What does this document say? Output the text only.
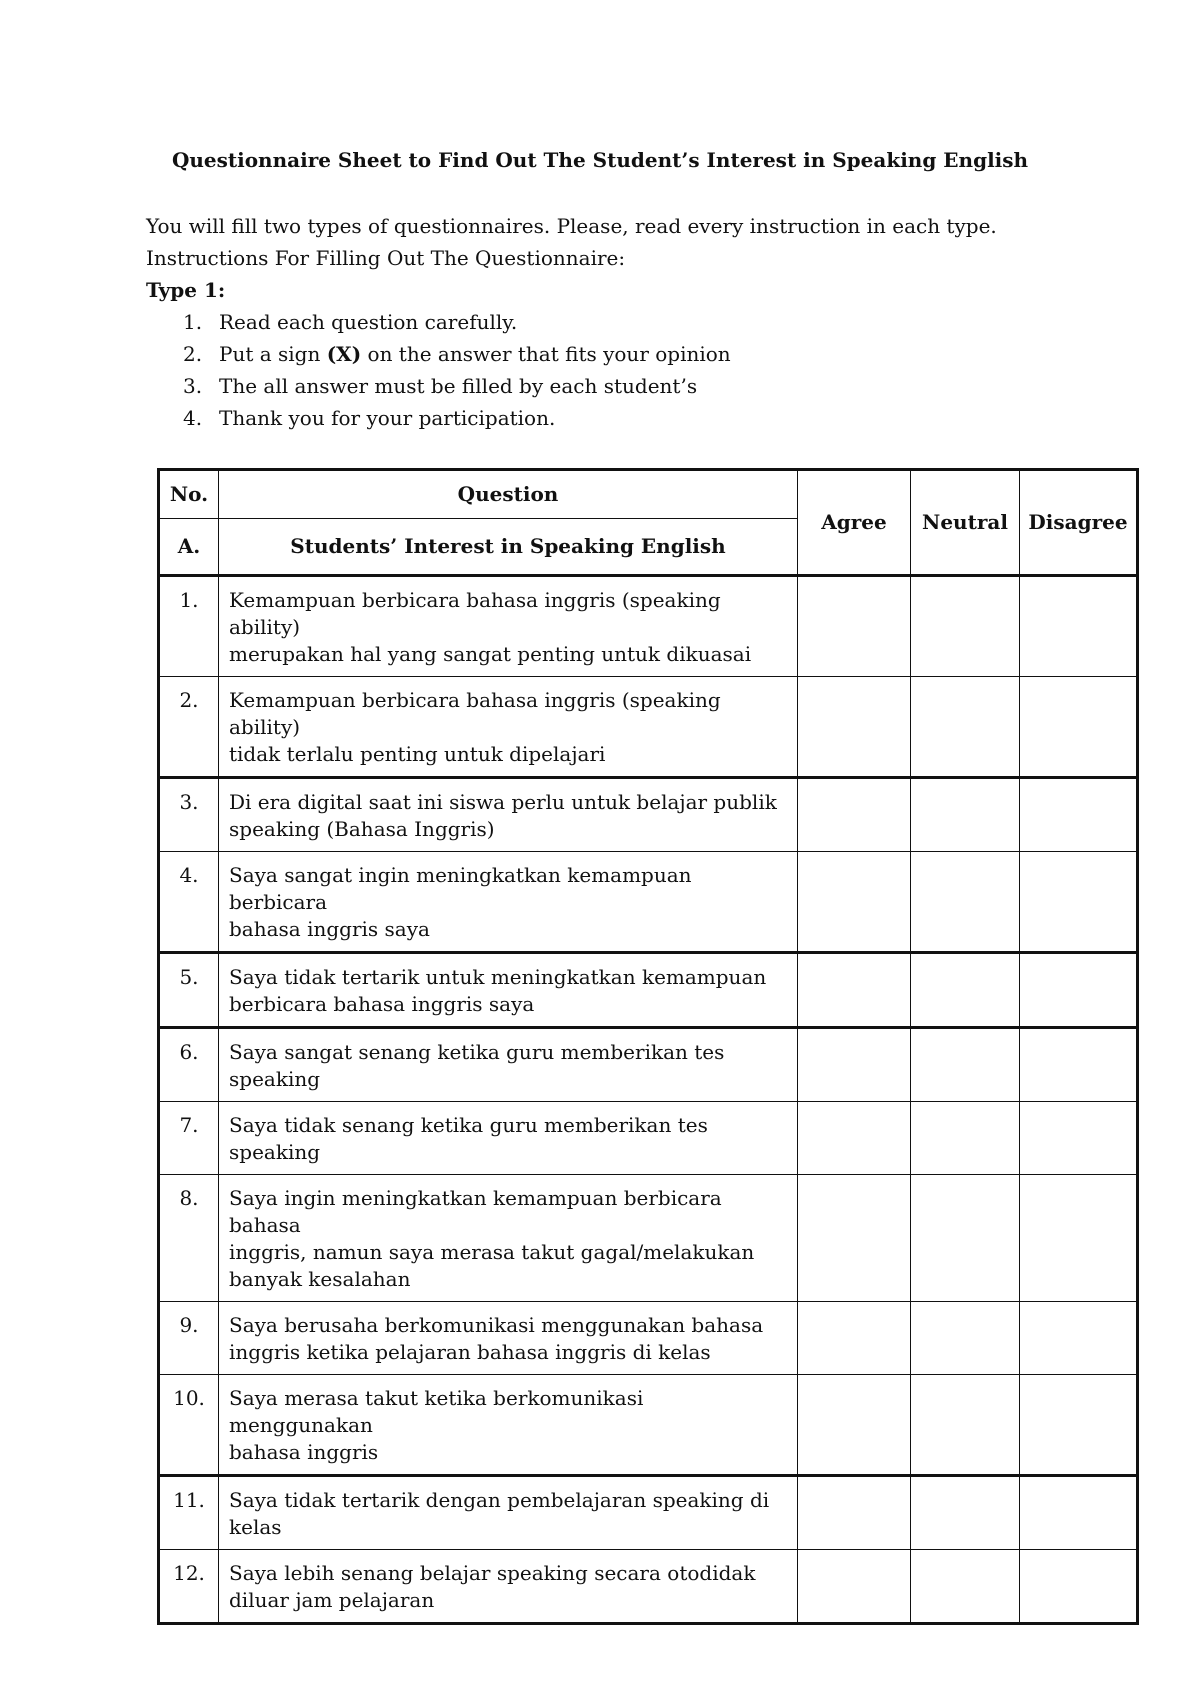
Questionnaire Sheet to Find Out The Student’s Interest in Speaking English
You will fill two types of questionnaires. Please, read every instruction in each type.
Instructions For Filling Out The Questionnaire:
Type 1:
1. Read each question carefully.
2. Put a sign (X) on the answer that fits your opinion
3. The all answer must be filled by each student’s
4. Thank you for your participation.
No.	Question	Agree	Neutral	Disagree
A.	Students’ Interest in Speaking English			
1.	Kemampuan berbicara bahasa inggris (speaking ability)
merupakan hal yang sangat penting untuk dikuasai			

2.	Kemampuan berbicara bahasa inggris (speaking ability)
tidak terlalu penting untuk dipelajari			

3.	Di era digital saat ini siswa perlu untuk belajar publik
speaking (Bahasa Inggris)			

4.	Saya sangat ingin meningkatkan kemampuan berbicara
bahasa inggris saya			

5.	Saya tidak tertarik untuk meningkatkan kemampuan
berbicara bahasa inggris saya			

6.	Saya sangat senang ketika guru memberikan tes
speaking			

7.	Saya tidak senang ketika guru memberikan tes speaking			

8.	Saya ingin meningkatkan kemampuan berbicara bahasa
inggris, namun saya merasa takut gagal/melakukan
banyak kesalahan			

9.	Saya berusaha berkomunikasi menggunakan bahasa
inggris ketika pelajaran bahasa inggris di kelas			

10.	Saya merasa takut ketika berkomunikasi menggunakan
bahasa inggris			

11.	Saya tidak tertarik dengan pembelajaran speaking di
kelas			

12.	Saya lebih senang belajar speaking secara otodidak
diluar jam pelajaran			
